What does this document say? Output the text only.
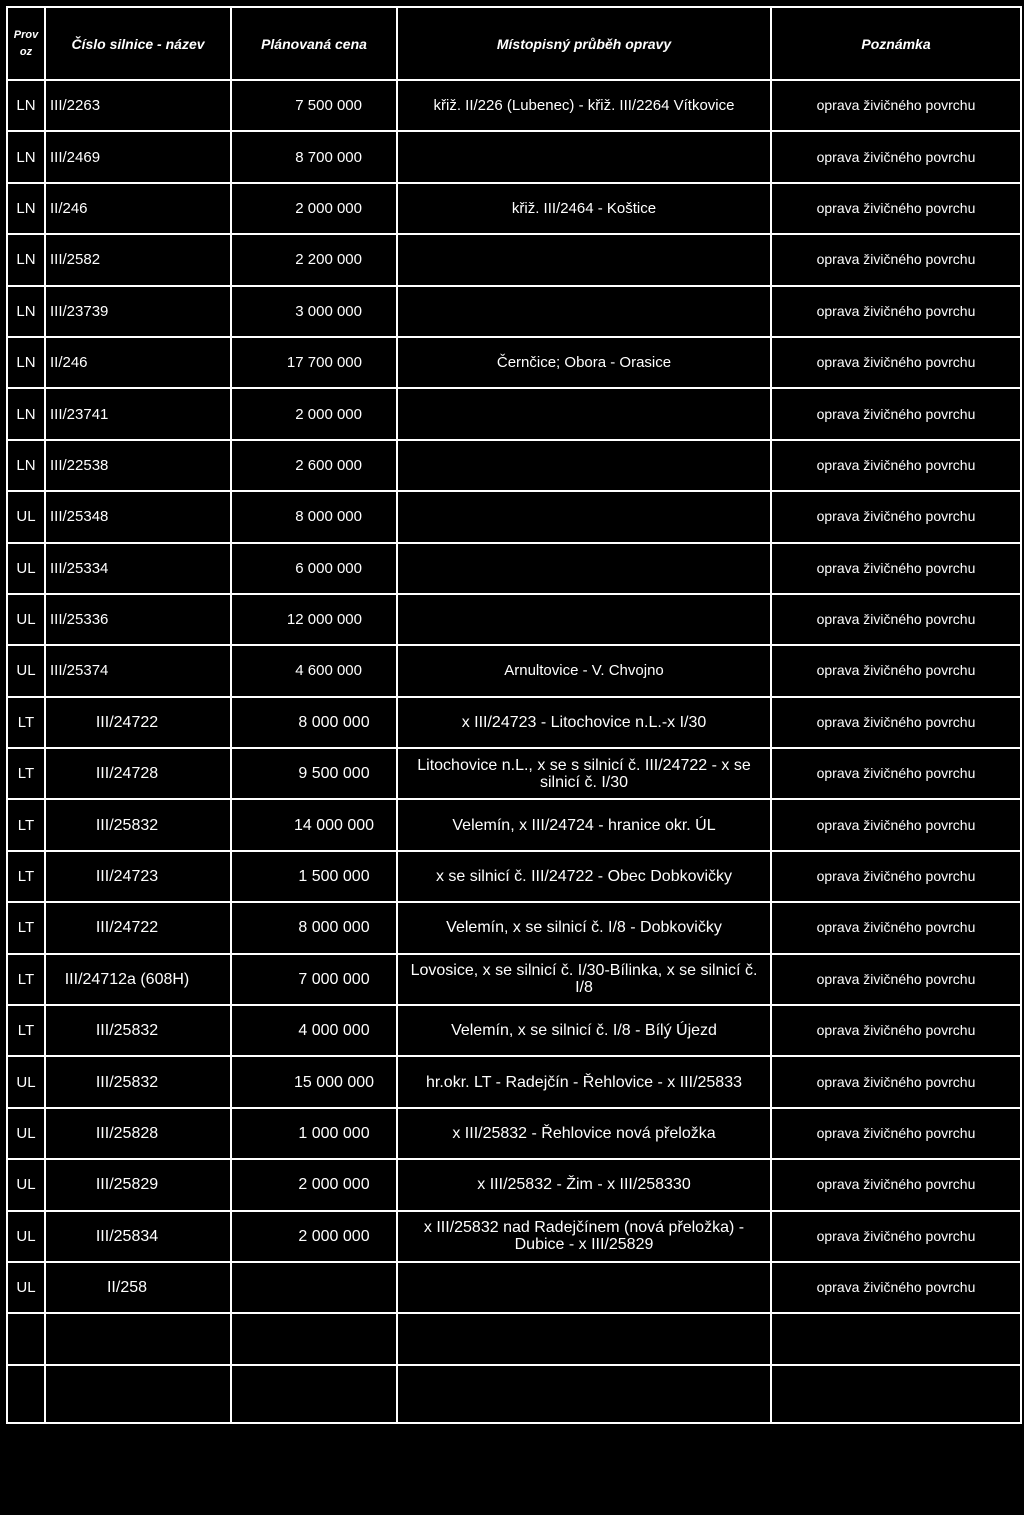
Prov oz	Číslo silnice - název	Plánovaná cena	Místopisný průběh opravy	Poznámka
LN	III/2263	7 500 000	křiž. II/226 (Lubenec) - křiž. III/2264 Vítkovice	oprava živičného povrchu
LN	III/2469	8 700 000		oprava živičného povrchu
LN	II/246	2 000 000	křiž. III/2464 - Koštice	oprava živičného povrchu
LN	III/2582	2 200 000		oprava živičného povrchu
LN	III/23739	3 000 000		oprava živičného povrchu
LN	II/246	17 700 000	Černčice; Obora - Orasice	oprava živičného povrchu
LN	III/23741	2 000 000		oprava živičného povrchu
LN	III/22538	2 600 000		oprava živičného povrchu
UL	III/25348	8 000 000		oprava živičného povrchu
UL	III/25334	6 000 000		oprava živičného povrchu
UL	III/25336	12 000 000		oprava živičného povrchu
UL	III/25374	4 600 000	Arnultovice - V. Chvojno	oprava živičného povrchu
LT	III/24722	8 000 000	x III/24723 - Litochovice n.L.-x I/30	oprava živičného povrchu
LT	III/24728	9 500 000	Litochovice n.L., x se s silnicí č. III/24722 - x se silnicí č. I/30	oprava živičného povrchu
LT	III/25832	14 000 000	Velemín, x III/24724 - hranice okr. ÚL	oprava živičného povrchu
LT	III/24723	1 500 000	x se silnicí č. III/24722 - Obec Dobkovičky	oprava živičného povrchu
LT	III/24722	8 000 000	Velemín, x se silnicí č. I/8 - Dobkovičky	oprava živičného povrchu
LT	III/24712a (608H)	7 000 000	Lovosice, x se silnicí č. I/30-Bílinka, x se silnicí č. I/8	oprava živičného povrchu
LT	III/25832	4 000 000	Velemín, x se silnicí č. I/8 - Bílý Újezd	oprava živičného povrchu
UL	III/25832	15 000 000	hr.okr. LT - Radejčín - Řehlovice - x III/25833	oprava živičného povrchu
UL	III/25828	1 000 000	x III/25832 - Řehlovice nová přeložka	oprava živičného povrchu
UL	III/25829	2 000 000	x III/25832 - Žim - x III/258330	oprava živičného povrchu
UL	III/25834	2 000 000	x III/25832 nad Radejčínem (nová přeložka) - Dubice - x III/25829	oprava živičného povrchu
UL	II/258			oprava živičného povrchu
